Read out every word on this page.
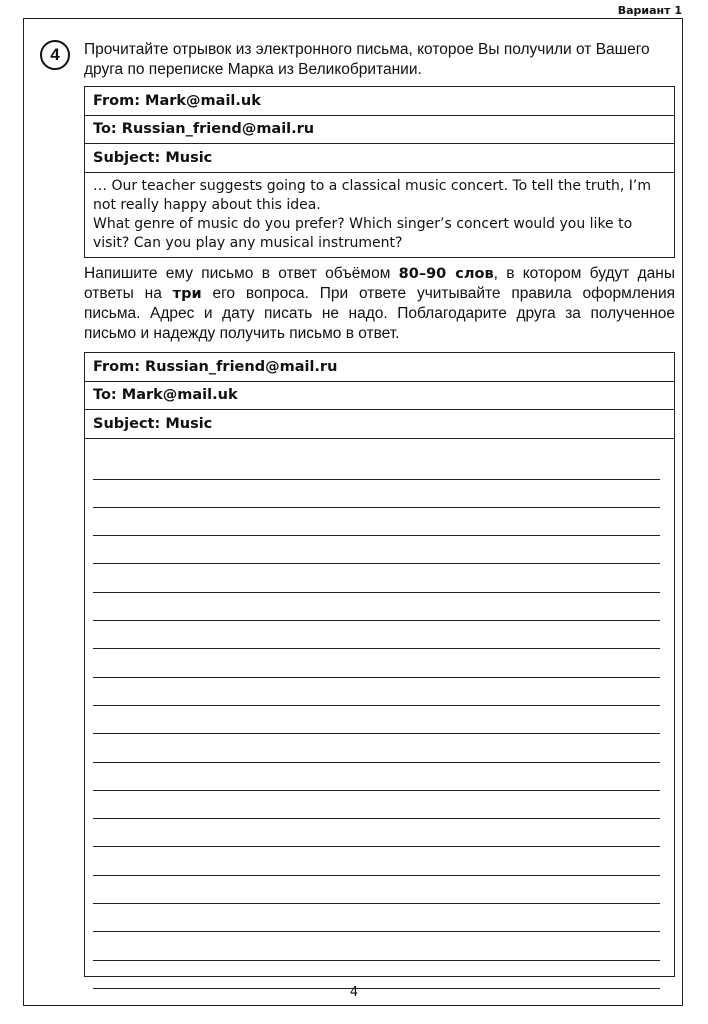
Вариант 1
4	Прочитайте отрывок из электронного письма, которое Вы получили от Вашего
друга по переписке Марка из Великобритании.
From: Mark@mail.uk
To: Russian_friend@mail.ru
Subject: Music

… Our teacher suggests going to a classical music concert. To tell the truth, I’m not really happy about this idea.

What genre of music do you prefer? Which singer’s concert would you like to visit? Can you play any musical instrument?

Напишите ему письмо в ответ объёмом 80–90 слов, в котором будут даны ответы на три его вопроса. При ответе учитывайте правила оформления письма. Адрес и дату писать не надо. Поблагодарите друга за полученное письмо и надежду получить письмо в ответ.
From: Russian_friend@mail.ru
To: Mark@mail.uk
Subject: Music
4
